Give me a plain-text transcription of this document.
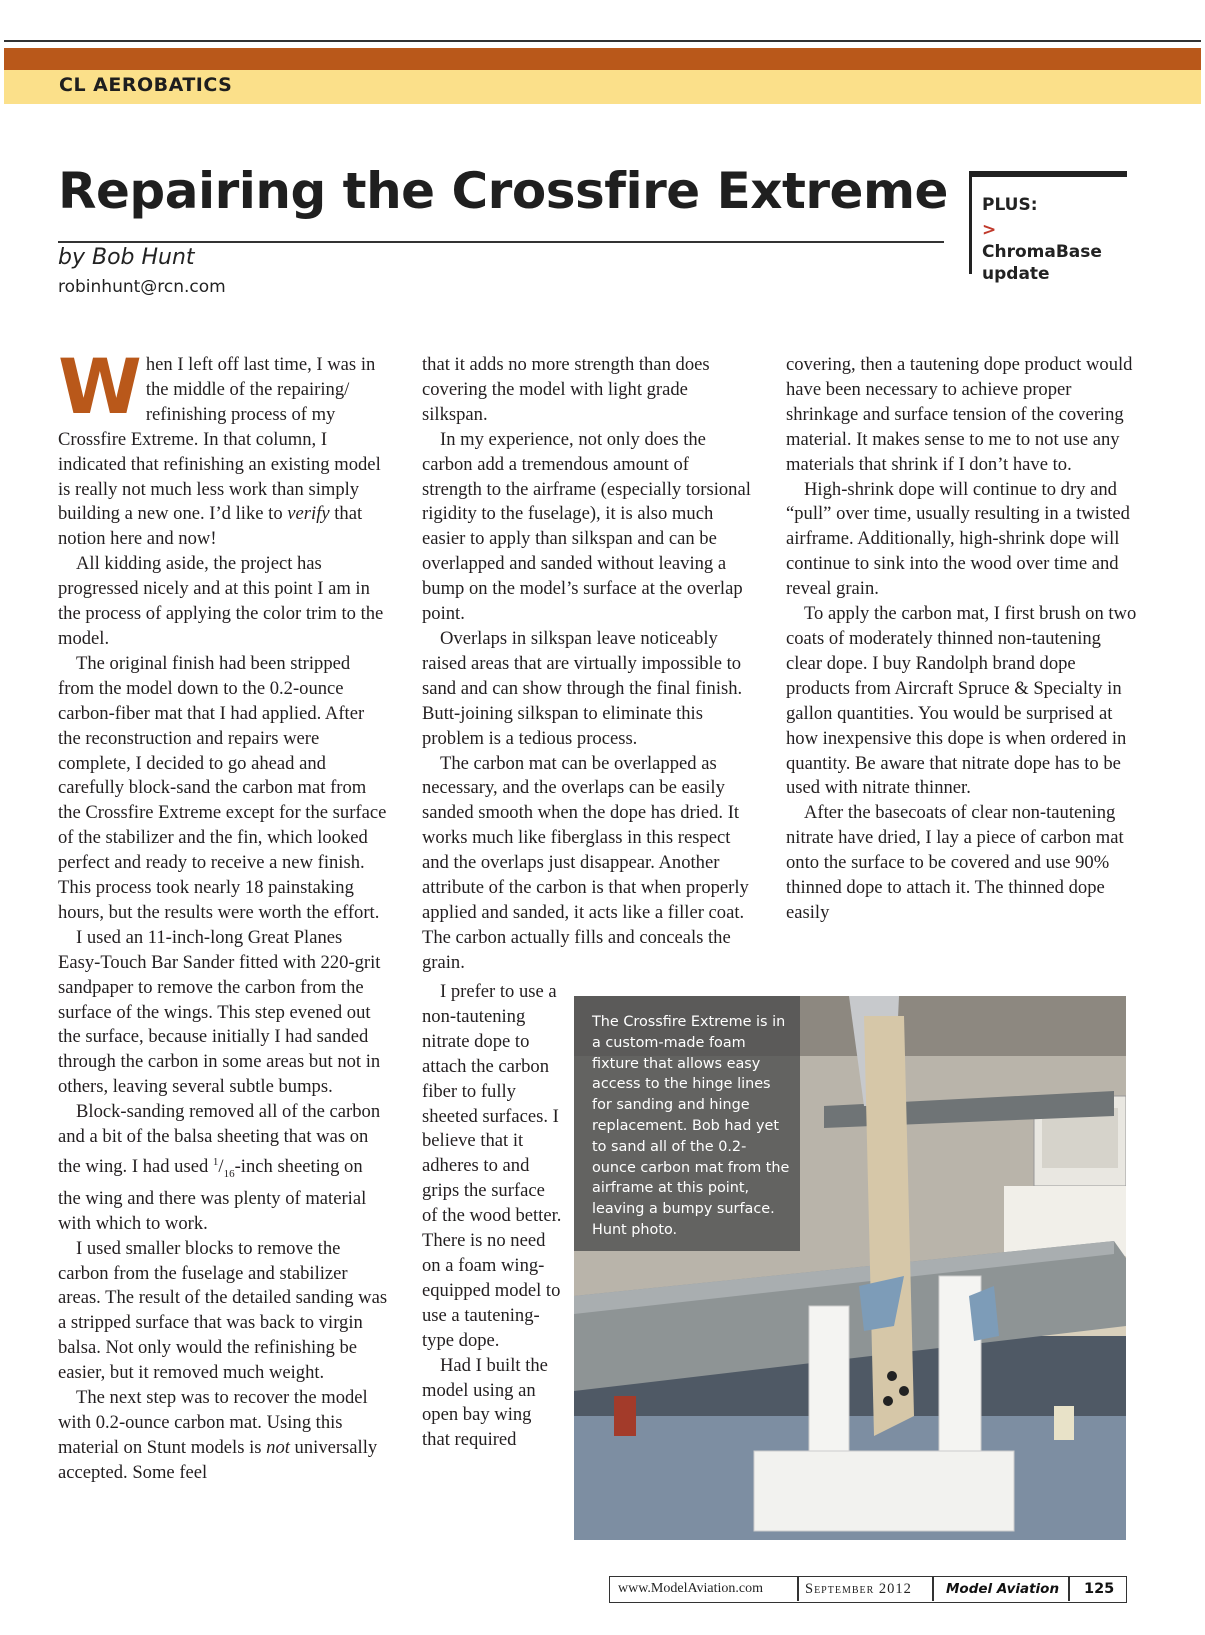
CL AEROBATICS
Repairing the Crossfire Extreme
by Bob Hunt
robinhunt@rcn.com
PLUS:
> ChromaBase update

When I left off last time, I was in the middle of the repairing/ refinishing process of my Crossfire Extreme. In that column, I indicated that refinishing an existing model is really not much less work than simply building a new one. I’d like to verify that notion here and now!

All kidding aside, the project has progressed nicely and at this point I am in the process of applying the color trim to the model.

The original finish had been stripped from the model down to the 0.2-ounce carbon-fiber mat that I had applied. After the reconstruction and repairs were complete, I decided to go ahead and carefully block-sand the carbon mat from the Crossfire Extreme except for the surface of the stabilizer and the fin, which looked perfect and ready to receive a new finish. This process took nearly 18 painstaking hours, but the results were worth the effort.

I used an 11-inch-long Great Planes Easy-Touch Bar Sander fitted with 220-grit sandpaper to remove the carbon from the surface of the wings. This step evened out the surface, because initially I had sanded through the carbon in some areas but not in others, leaving several subtle bumps.

Block-sanding removed all of the carbon and a bit of the balsa sheeting that was on the wing. I had used $^1/_{16}$-inch sheeting on the wing and there was plenty of material with which to work.

I used smaller blocks to remove the carbon from the fuselage and stabilizer areas. The result of the detailed sanding was a stripped surface that was back to virgin balsa. Not only would the refinishing be easier, but it removed much weight.

The next step was to recover the model with 0.2-ounce carbon mat. Using this material on Stunt models is not universally accepted. Some feel

that it adds no more strength than does covering the model with light grade silkspan.

In my experience, not only does the carbon add a tremendous amount of strength to the airframe (especially torsional rigidity to the fuselage), it is also much easier to apply than silkspan and can be overlapped and sanded without leaving a bump on the model’s surface at the overlap point.

Overlaps in silkspan leave noticeably raised areas that are virtually impossible to sand and can show through the final finish. Butt-joining silkspan to eliminate this problem is a tedious process.

The carbon mat can be overlapped as necessary, and the overlaps can be easily sanded smooth when the dope has dried. It works much like fiberglass in this respect and the overlaps just disappear. Another attribute of the carbon is that when properly applied and sanded, it acts like a filler coat. The carbon actually fills and conceals the grain.

I prefer to use a non-tautening nitrate dope to attach the carbon fiber to fully sheeted surfaces. I believe that it adheres to and grips the surface of the wood better. There is no need on a foam wing-equipped model to use a tautening-type dope.

Had I built the model using an open bay wing that required

covering, then a tautening dope product would have been necessary to achieve proper shrinkage and surface tension of the covering material. It makes sense to me to not use any materials that shrink if I don’t have to.

High-shrink dope will continue to dry and “pull” over time, usually resulting in a twisted airframe. Additionally, high-shrink dope will continue to sink into the wood over time and reveal grain.

To apply the carbon mat, I first brush on two coats of moderately thinned non-tautening clear dope. I buy Randolph brand dope products from Aircraft Spruce & Specialty in gallon quantities. You would be surprised at how inexpensive this dope is when ordered in quantity. Be aware that nitrate dope has to be used with nitrate thinner.

After the basecoats of clear non-tautening nitrate have dried, I lay a piece of carbon mat onto the surface to be covered and use 90% thinned dope to attach it. The thinned dope easily

The Crossfire Extreme is in a custom-made foam fixture that allows easy access to the hinge lines for sanding and hinge replacement. Bob had yet to sand all of the 0.2-ounce carbon mat from the airframe at this point, leaving a bumpy surface. Hunt photo.
www.ModelAviation.com	September 2012	Model Aviation 125
